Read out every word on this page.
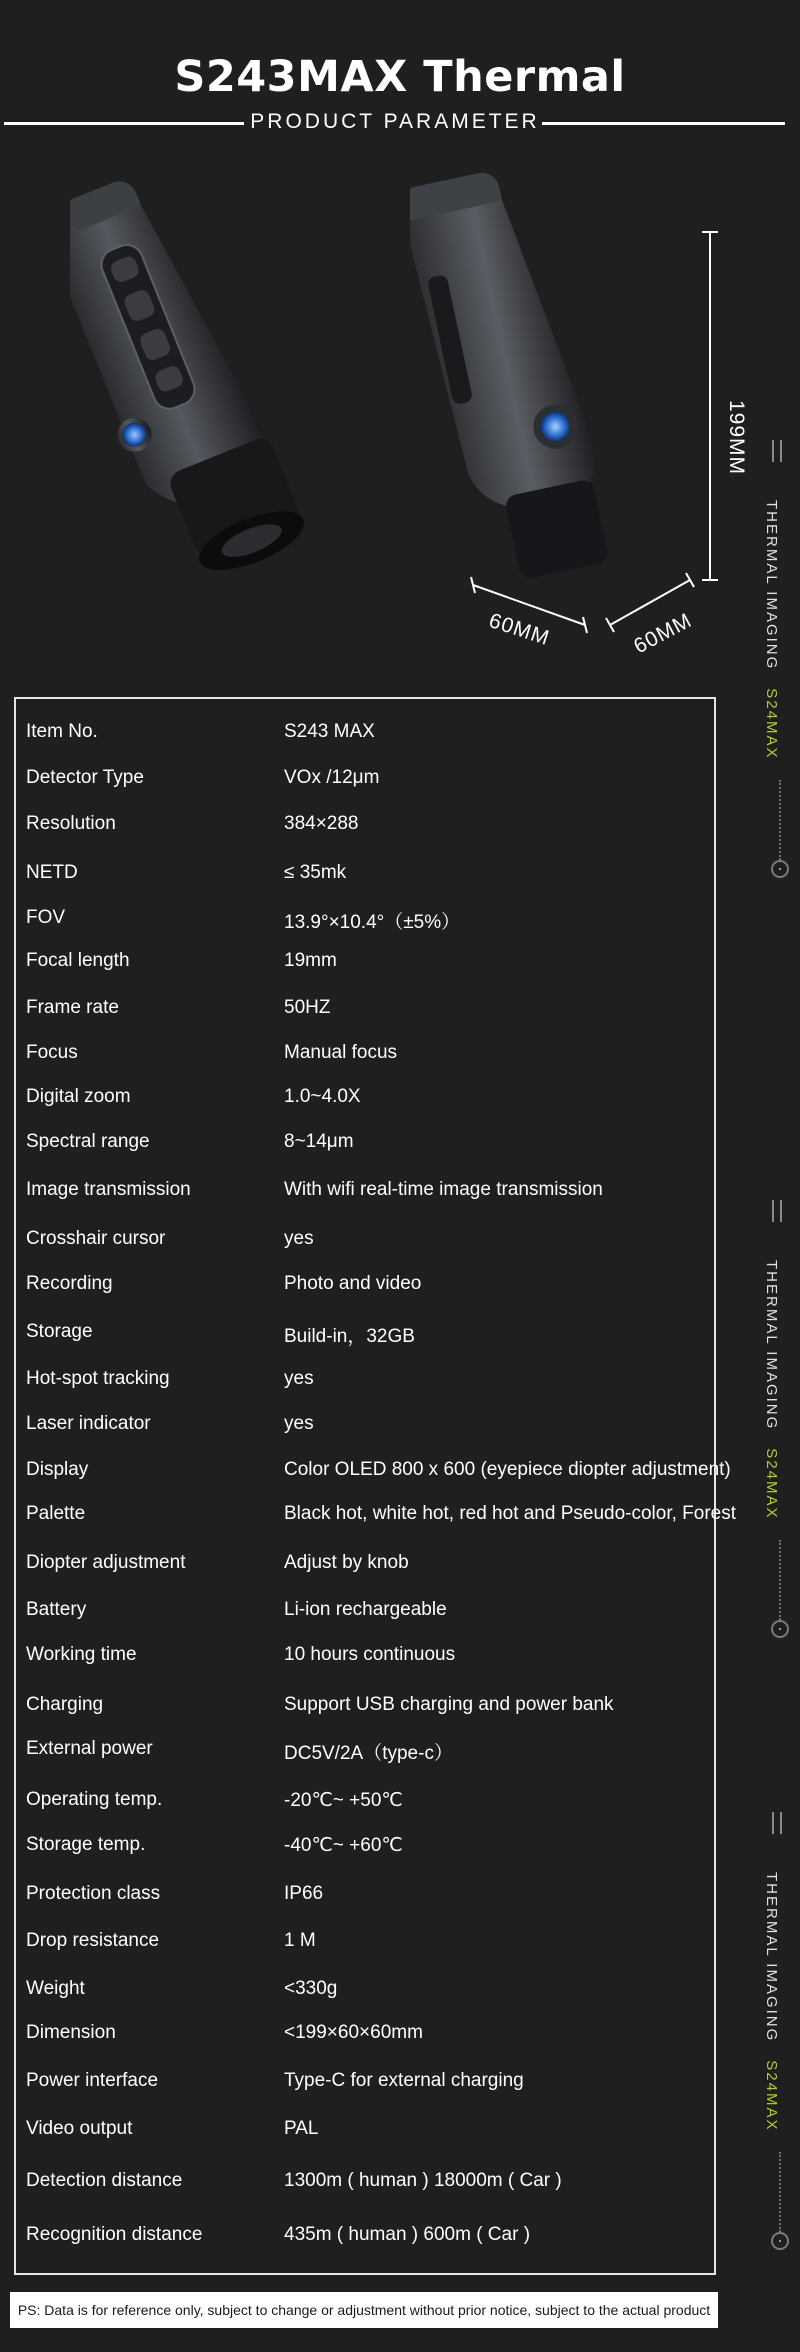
S243MAX Thermal
PRODUCT PARAMETER
199MM
60MM	60MM
Item No.	S243 MAX
Detector Type	VOx /12μm
Resolution	384×288
NETD	≤ 35mk
FOV	13.9°×10.4°（±5%）
Focal length	19mm
Frame rate	50HZ
Focus	Manual focus
Digital zoom	1.0~4.0X
Spectral range	8~14μm
Image transmission	With wifi real-time image transmission
Crosshair cursor	yes
Recording	Photo and video
Storage	Build-in，32GB
Hot-spot tracking	yes
Laser indicator	yes
Display	Color OLED 800 x 600 (eyepiece diopter adjustment)
Palette	Black hot, white hot, red hot and Pseudo-color, Forest
Diopter adjustment	Adjust by knob
Battery	Li-ion rechargeable
Working time	10 hours continuous
Charging	Support USB charging and power bank
External power	DC5V/2A（type-c）
Operating temp.	-20℃~ +50℃
Storage temp.	-40℃~ +60℃
Protection class	IP66
Drop resistance	1 M
Weight	<330g
Dimension	<199×60×60mm
Power interface	Type-C for external charging
Video output	PAL
Detection distance	1300m ( human ) 18000m ( Car )
Recognition distance	435m ( human ) 600m ( Car )
THERMAL IMAGINGS24MAX
THERMAL IMAGINGS24MAX
THERMAL IMAGINGS24MAX
PS: Data is for reference only, subject to change or adjustment without prior notice, subject to the actual product
